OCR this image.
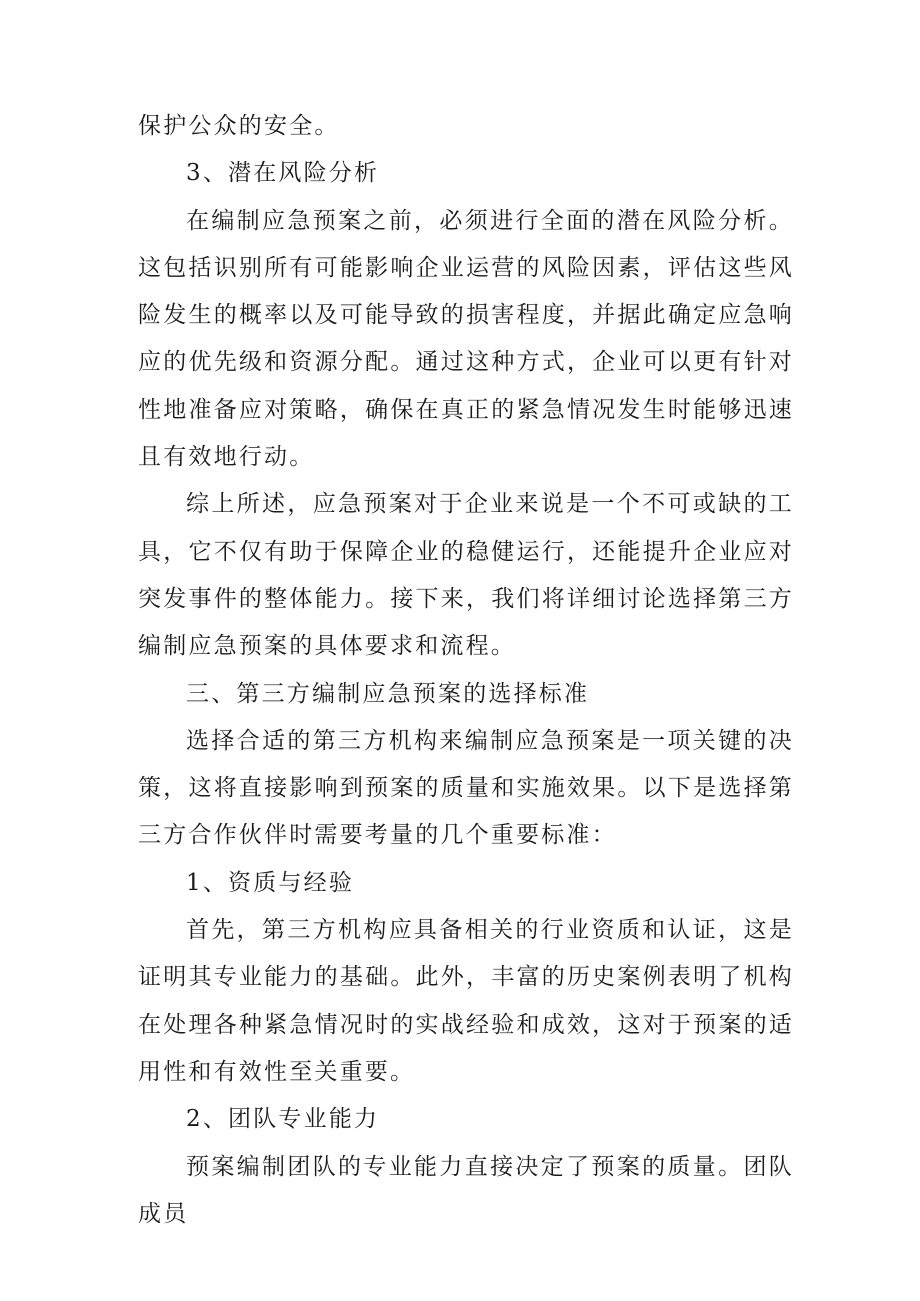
保护公众的安全。

3、潜在风险分析

在编制应急预案之前，必须进行全面的潜在风险分析。这包括识别所有可能影响企业运营的风险因素，评估这些风险发生的概率以及可能导致的损害程度，并据此确定应急响应的优先级和资源分配。通过这种方式，企业可以更有针对性地准备应对策略，确保在真正的紧急情况发生时能够迅速且有效地行动。

综上所述，应急预案对于企业来说是一个不可或缺的工具，它不仅有助于保障企业的稳健运行，还能提升企业应对突发事件的整体能力。接下来，我们将详细讨论选择第三方编制应急预案的具体要求和流程。

三、第三方编制应急预案的选择标准

选择合适的第三方机构来编制应急预案是一项关键的决策，这将直接影响到预案的质量和实施效果。以下是选择第三方合作伙伴时需要考量的几个重要标准：

1、资质与经验

首先，第三方机构应具备相关的行业资质和认证，这是证明其专业能力的基础。此外，丰富的历史案例表明了机构在处理各种紧急情况时的实战经验和成效，这对于预案的适用性和有效性至关重要。

2、团队专业能力

预案编制团队的专业能力直接决定了预案的质量。团队成员
